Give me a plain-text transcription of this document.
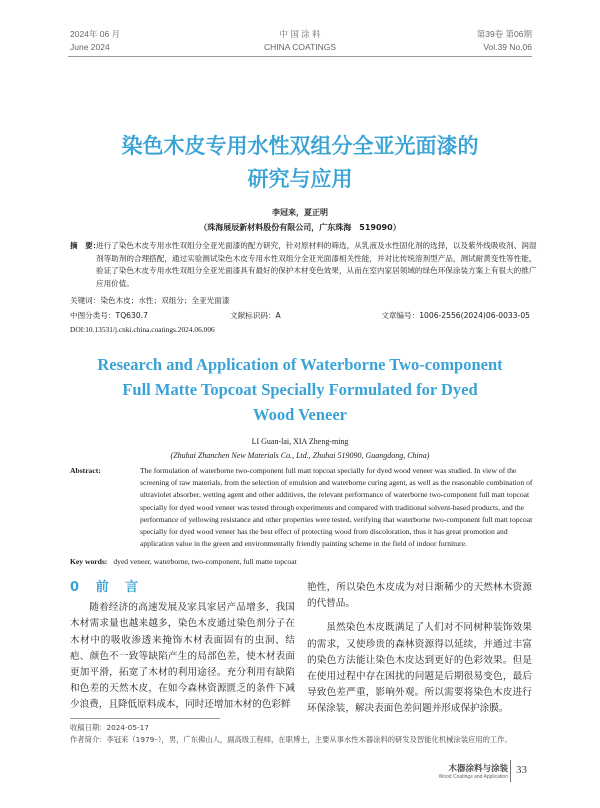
2024年 06 月
June 2024
中 国 涂 料
CHINA COATINGS
第39卷 第06期
Vol.39 No.06
染色木皮专用水性双组分全亚光面漆的
研究与应用
李冠来，夏正明
（珠海展辰新材料股份有限公司，广东珠海　519090）
摘　要：
进行了染色木皮专用水性双组分全亚光面漆的配方研究，针对原材料的筛选，从乳液及水性固化剂的选择，以及紫外线吸收剂、润湿剂等助剂的合理搭配，通过实验测试染色木皮专用水性双组分全亚光面漆相关性能，并对比传统溶剂型产品，测试耐黄变性等性能，验证了染色木皮专用水性双组分全亚光面漆具有最好的保护木材变色效果，从而在室内家居领域的绿色环保涂装方案上有很大的推广应用价值。
关键词：染色木皮；水性；双组分；全亚光面漆
中图分类号：TQ630.7	文献标识码：A	文章编号：1006-2556(2024)06-0033-05
DOI:10.13531/j.cnki.china.coatings.2024.06.006
Research and Application of Waterborne Two-component
Full Matte Topcoat Specially Formulated for Dyed
Wood Veneer
LI Guan-lai, XIA Zheng-ming
(Zhuhai Zhanchen New Materials Co., Ltd., Zhuhai 519090, Guangdong, China)
Abstract:	The formulation of waterborne two-component full matt topcoat specially for dyed wood veneer was studied. In view of the screening of raw materials, from the selection of emulsion and waterborne curing agent, as well as the reasonable combination of ultraviolet absorber, wetting agent and other additives, the relevant performance of waterborne two-component full matt topcoat specially for dyed wood veneer was tested through experiments and compared with traditional solvent-based products, and the performance of yellowing resistance and other properties were tested, verifying that waterborne two-component full matt topcoat specially for dyed wood veneer has the best effect of protecting wood from discoloration, thus it has great promotion and application value in the green and environmentally friendly painting scheme in the field of indoor furniture.
Key words: dyed veneer, waterborne, two-component, full matte topcoat
0 前 言

随着经济的高速发展及家具家居产品增多，我国木材需求量也越来越多，染色木皮通过染色剂分子在木材中的吸收渗透来掩饰木材表面固有的虫洞、结疤、颜色不一致等缺陷产生的局部色差，使木材表面更加平滑，拓宽了木材的利用途径。充分利用有缺陷和色差的天然木皮，在如今森林资源匮乏的条件下减少浪费，且降低原料成本，同时还增加木材的色彩鲜

艳性，所以染色木皮成为对日渐稀少的天然林木资源的代替品。

虽然染色木皮既满足了人们对不同树种装饰效果的需求，又使珍贵的森林资源得以延续，并通过丰富的染色方法能让染色木皮达到更好的色彩效果。但是在使用过程中存在困扰的问题是后期很易变色，最后导致色差严重，影响外观。所以需要将染色木皮进行环保涂装，解决表面色差问题并形成保护涂膜。

收稿日期：2024-05-17
作者简介：李冠来（1979–），男，广东佛山人，副高级工程师，在职博士，主要从事水性木器涂料的研发及智能化机械涂装应用的工作。
木器涂料与涂装
Wood Coatings and Application
33
